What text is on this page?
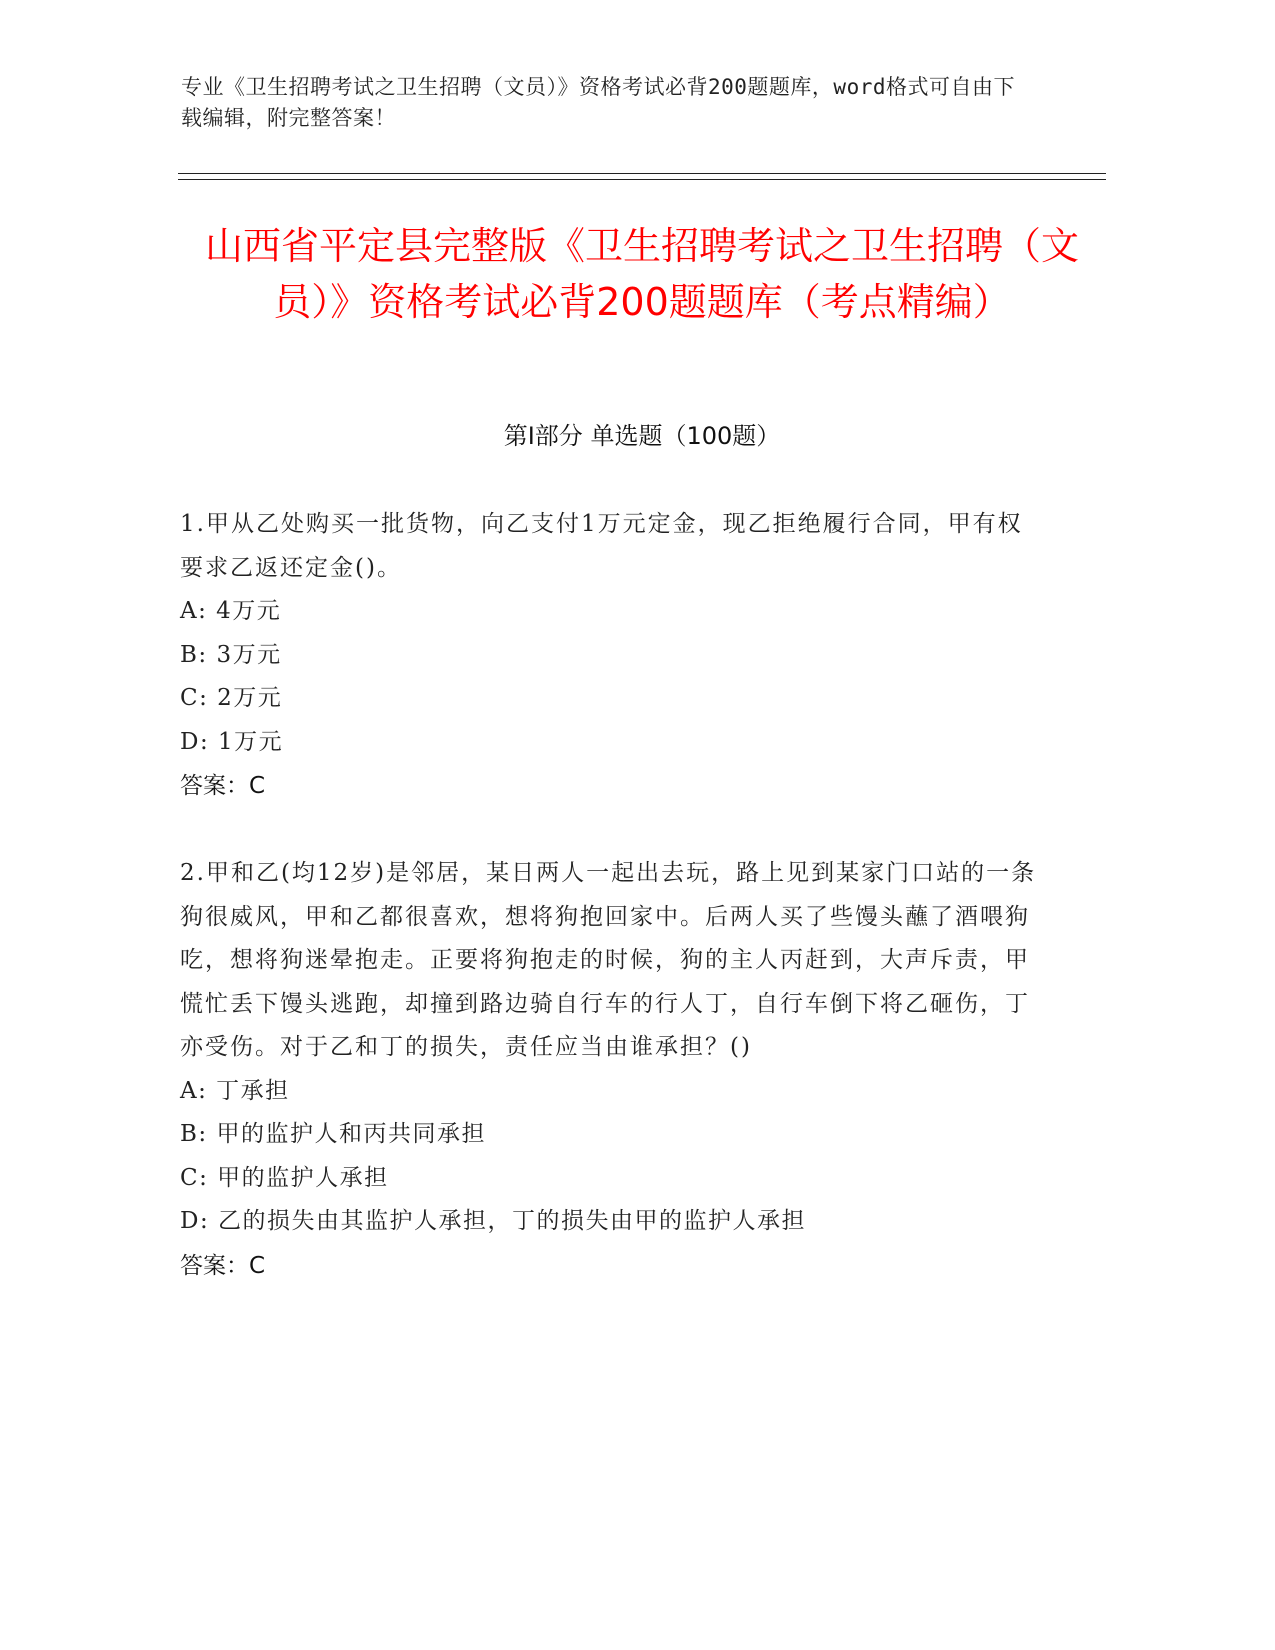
专业《卫生招聘考试之卫生招聘（文员）》资格考试必背200题题库，word格式可自由下载编辑，附完整答案！
山西省平定县完整版《卫生招聘考试之卫生招聘（文员）》资格考试必背200题题库（考点精编）
第I部分 单选题（100题）
1.甲从乙处购买一批货物，向乙支付1万元定金，现乙拒绝履行合同，甲有权要求乙返还定金()。
A: 4万元
B: 3万元
C: 2万元
D: 1万元
答案：C
2.甲和乙(均12岁)是邻居，某日两人一起出去玩，路上见到某家门口站的一条狗很威风，甲和乙都很喜欢，想将狗抱回家中。后两人买了些馒头蘸了酒喂狗吃，想将狗迷晕抱走。正要将狗抱走的时候，狗的主人丙赶到，大声斥责，甲慌忙丢下馒头逃跑，却撞到路边骑自行车的行人丁，自行车倒下将乙砸伤，丁亦受伤。对于乙和丁的损失，责任应当由谁承担？()
A: 丁承担
B: 甲的监护人和丙共同承担
C: 甲的监护人承担
D: 乙的损失由其监护人承担，丁的损失由甲的监护人承担
答案：C
